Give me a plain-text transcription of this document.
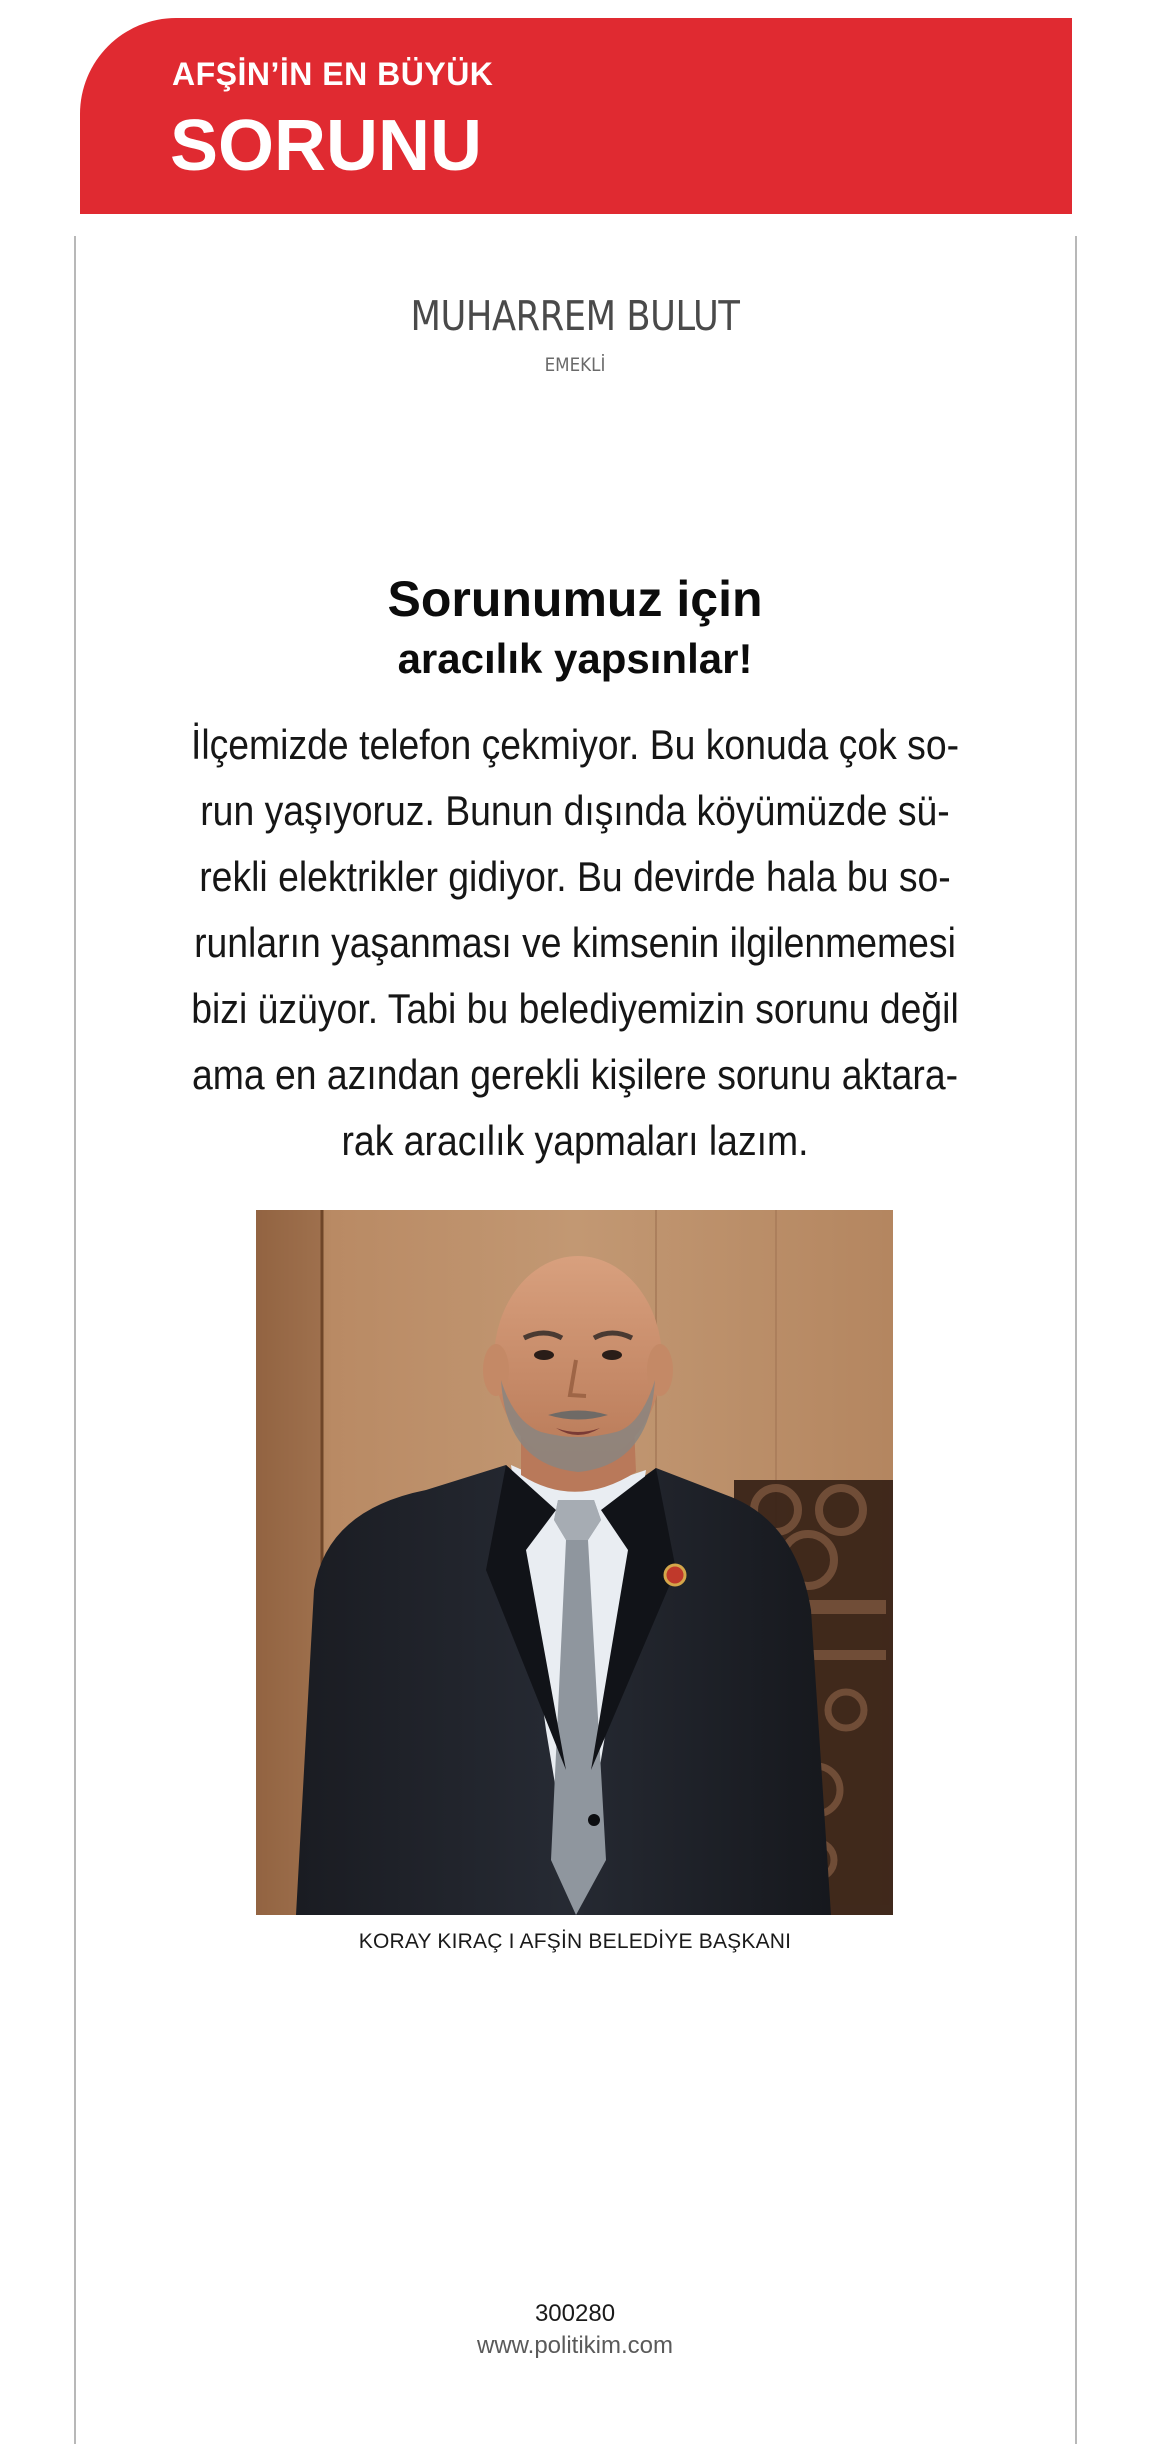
AFŞİN’İN EN BÜYÜK
SORUNU
MUHARREM BULUT
EMEKLİ
Sorunumuz için
aracılık yapsınlar!

İlçemizde telefon çekmiyor. Bu konuda çok so-
run yaşıyoruz. Bunun dışında köyümüzde sü-
rekli elektrikler gidiyor. Bu devirde hala bu so-
runların yaşanması ve kimsenin ilgilenmemesi
bizi üzüyor. Tabi bu belediyemizin sorunu değil
ama en azından gerekli kişilere sorunu aktara-
rak aracılık yapmaları lazım.

KORAY KIRAÇ I AFŞİN BELEDİYE BAŞKANI
300280
www.politikim.com
